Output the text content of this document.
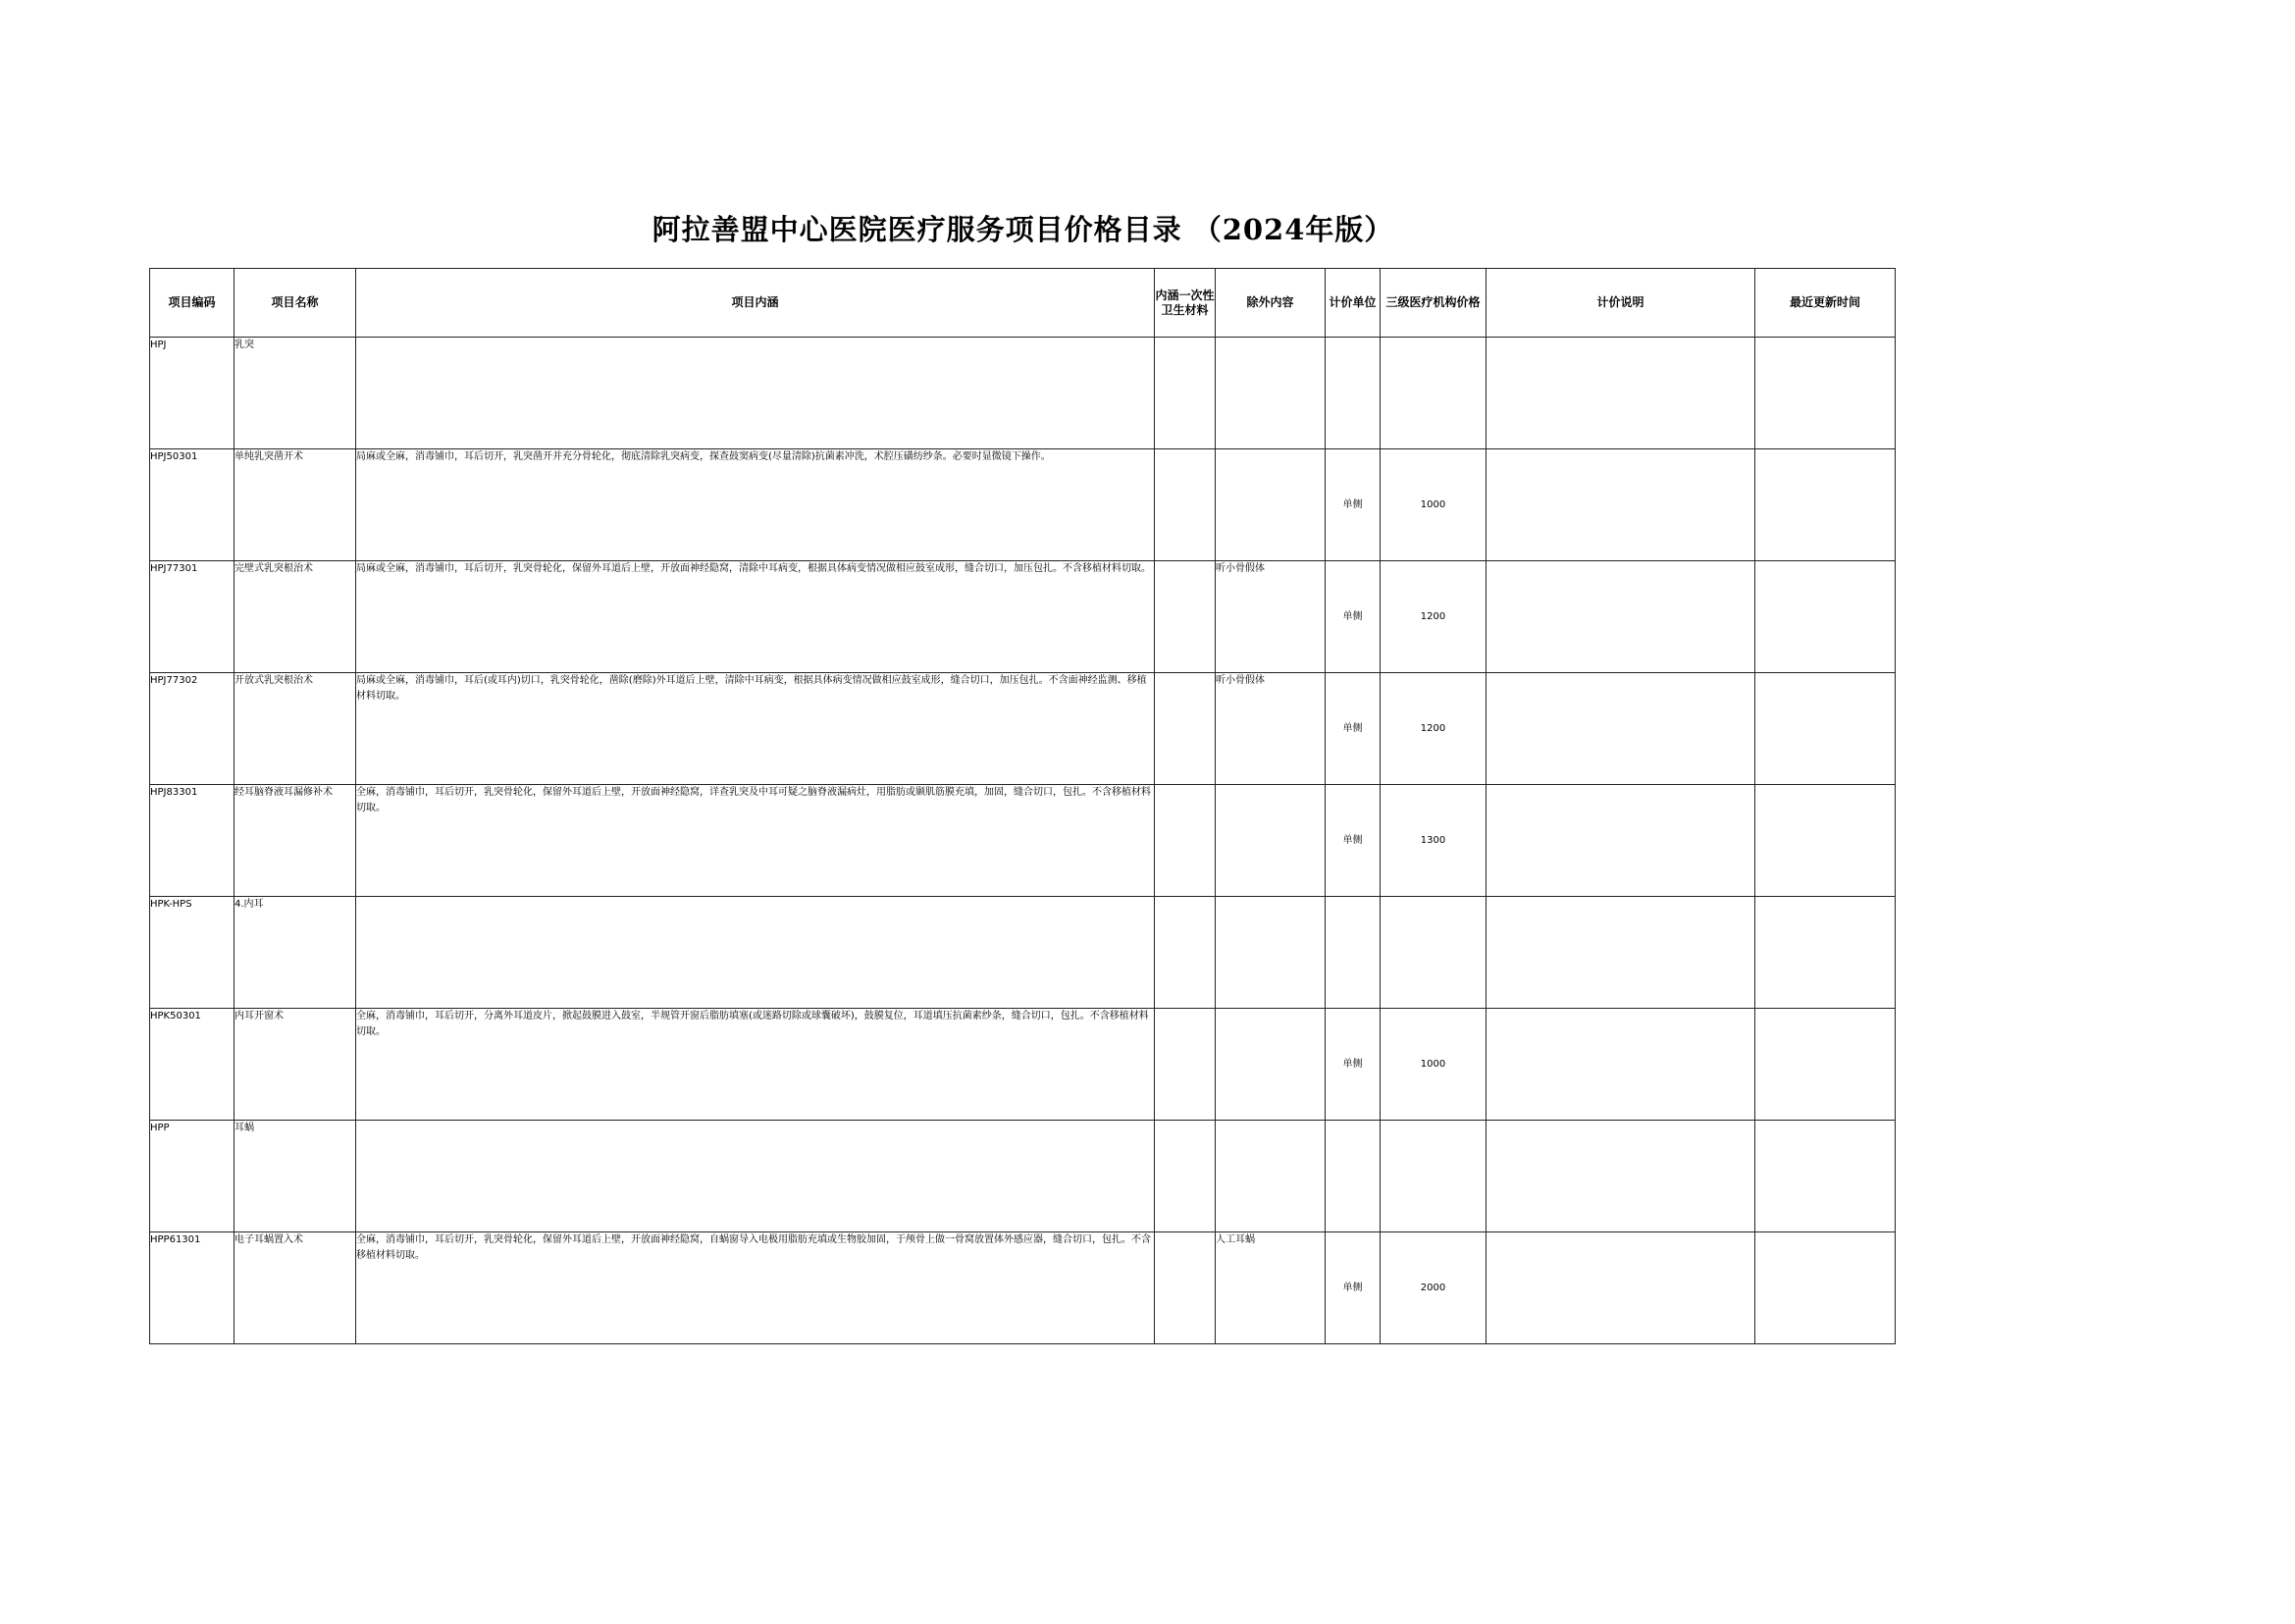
阿拉善盟中心医院医疗服务项目价格目录 （2024年版）
项目编码	项目名称	项目内涵	内涵一次性卫生材料	除外内容	计价单位	三级医疗机构价格	计价说明	最近更新时间
HPJ	乳突							
HPJ50301	单纯乳突凿开术	局麻或全麻，消毒铺巾，耳后切开，乳突凿开并充分骨轮化，彻底清除乳突病变，探查鼓窦病变(尽量清除)抗菌素冲洗，术腔压磺纺纱条。必要时显微镜下操作。			单侧	1000		
HPJ77301	完壁式乳突根治术	局麻或全麻，消毒铺巾，耳后切开，乳突骨轮化，保留外耳道后上壁，开放面神经隐窝，清除中耳病变，根据具体病变情况做相应鼓室成形，缝合切口，加压包扎。不含移植材料切取。		听小骨假体	单侧	1200		
HPJ77302	开放式乳突根治术	局麻或全麻，消毒铺巾，耳后(或耳内)切口，乳突骨轮化，凿除(磨除)外耳道后上壁，清除中耳病变，根据具体病变情况做相应鼓室成形，缝合切口，加压包扎。不含面神经监测、移植材料切取。		听小骨假体	单侧	1200		
HPJ83301	经耳脑脊液耳漏修补术	全麻，消毒铺巾，耳后切开，乳突骨轮化，保留外耳道后上壁，开放面神经隐窝，详查乳突及中耳可疑之脑脊液漏病灶，用脂肪或颞肌筋膜充填，加固，缝合切口，包扎。不含移植材料切取。			单侧	1300		
HPK-HPS	4.内耳							
HPK50301	内耳开窗术	全麻，消毒铺巾，耳后切开，分离外耳道皮片，掀起鼓膜进入鼓室，半规管开窗后脂肪填塞(或迷路切除或球囊破坏)，鼓膜复位，耳道填压抗菌素纱条，缝合切口，包扎。不含移植材料切取。			单侧	1000		
HPP	耳蜗							
HPP61301	电子耳蜗置入术	全麻，消毒铺巾，耳后切开，乳突骨轮化，保留外耳道后上壁，开放面神经隐窝，自蜗窗导入电极用脂肪充填或生物胶加固，于颅骨上做一骨窝放置体外感应器，缝合切口，包扎。不含移植材料切取。		人工耳蜗	单侧	2000		
